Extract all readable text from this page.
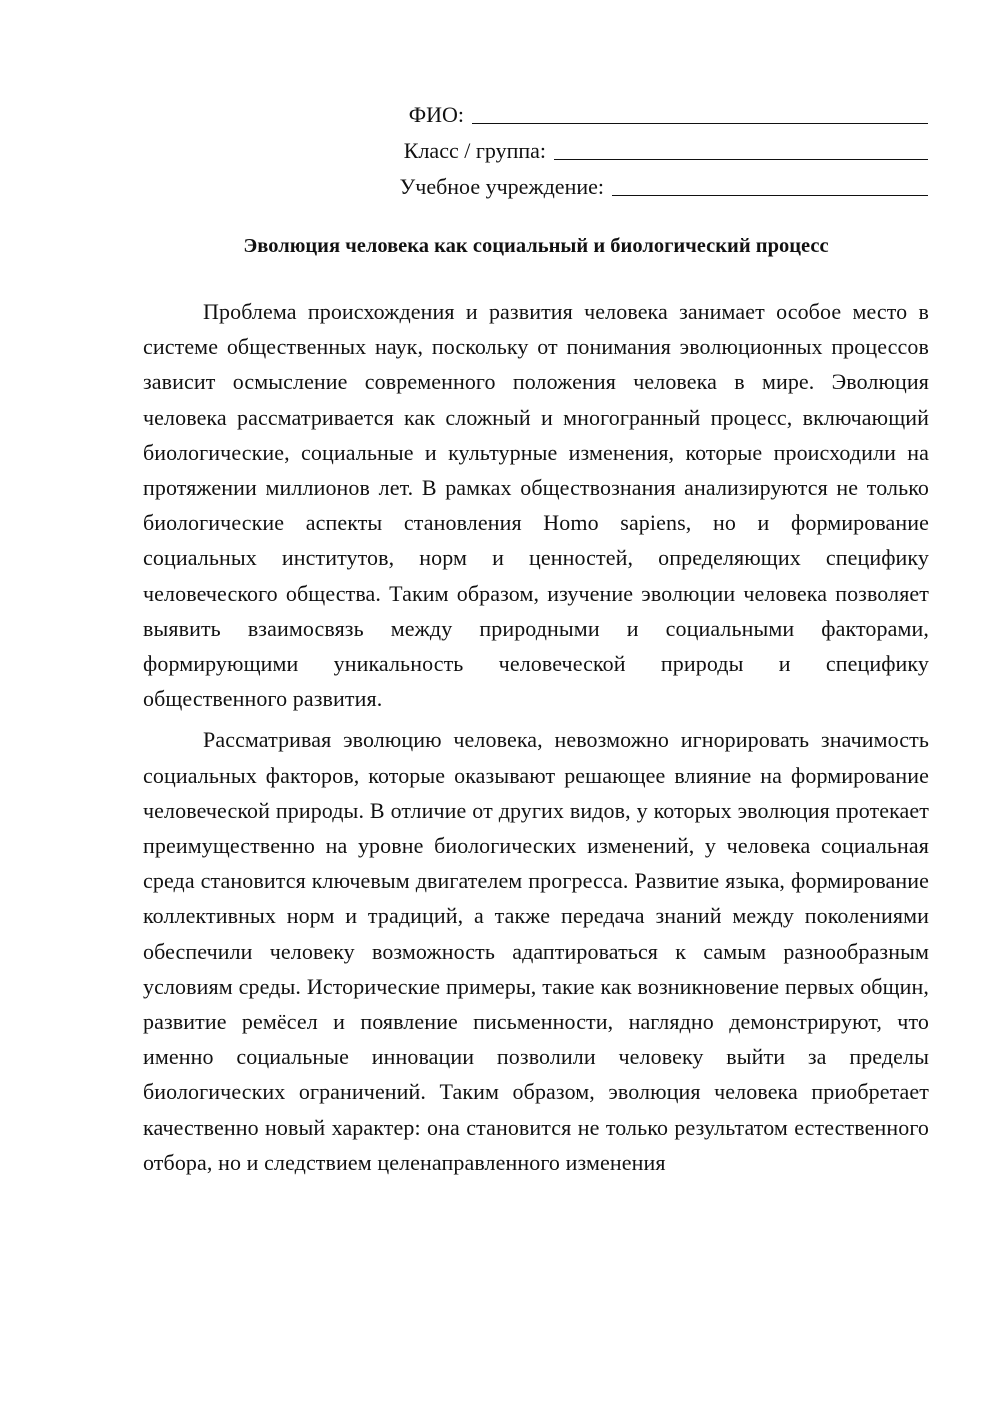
ФИО:
Класс / группа:
Учебное учреждение:
Эволюция человека как социальный и биологический процесс

Проблема происхождения и развития человека занимает особое место в системе общественных наук, поскольку от понимания эволюционных процессов зависит осмысление современного положения человека в мире. Эволюция человека рассматривается как сложный и многогранный процесс, включающий биологические, социальные и культурные изменения, которые происходили на протяжении миллионов лет. В рамках обществознания анализируются не только биологические аспекты становления Homo sapiens, но и формирование социальных институтов, норм и ценностей, определяющих специфику человеческого общества. Таким образом, изучение эволюции человека позволяет выявить взаимосвязь между природными и социальными факторами, формирующими уникальность человеческой природы и специфику общественного развития.

Рассматривая эволюцию человека, невозможно игнорировать значимость социальных факторов, которые оказывают решающее влияние на формирование человеческой природы. В отличие от других видов, у которых эволюция протекает преимущественно на уровне биологических изменений, у человека социальная среда становится ключевым двигателем прогресса. Развитие языка, формирование коллективных норм и традиций, а также передача знаний между поколениями обеспечили человеку возможность адаптироваться к самым разнообразным условиям среды. Исторические примеры, такие как возникновение первых общин, развитие ремёсел и появление письменности, наглядно демонстрируют, что именно социальные инновации позволили человеку выйти за пределы биологических ограничений. Таким образом, эволюция человека приобретает качественно новый характер: она становится не только результатом естественного отбора, но и следствием целенаправленного изменения
